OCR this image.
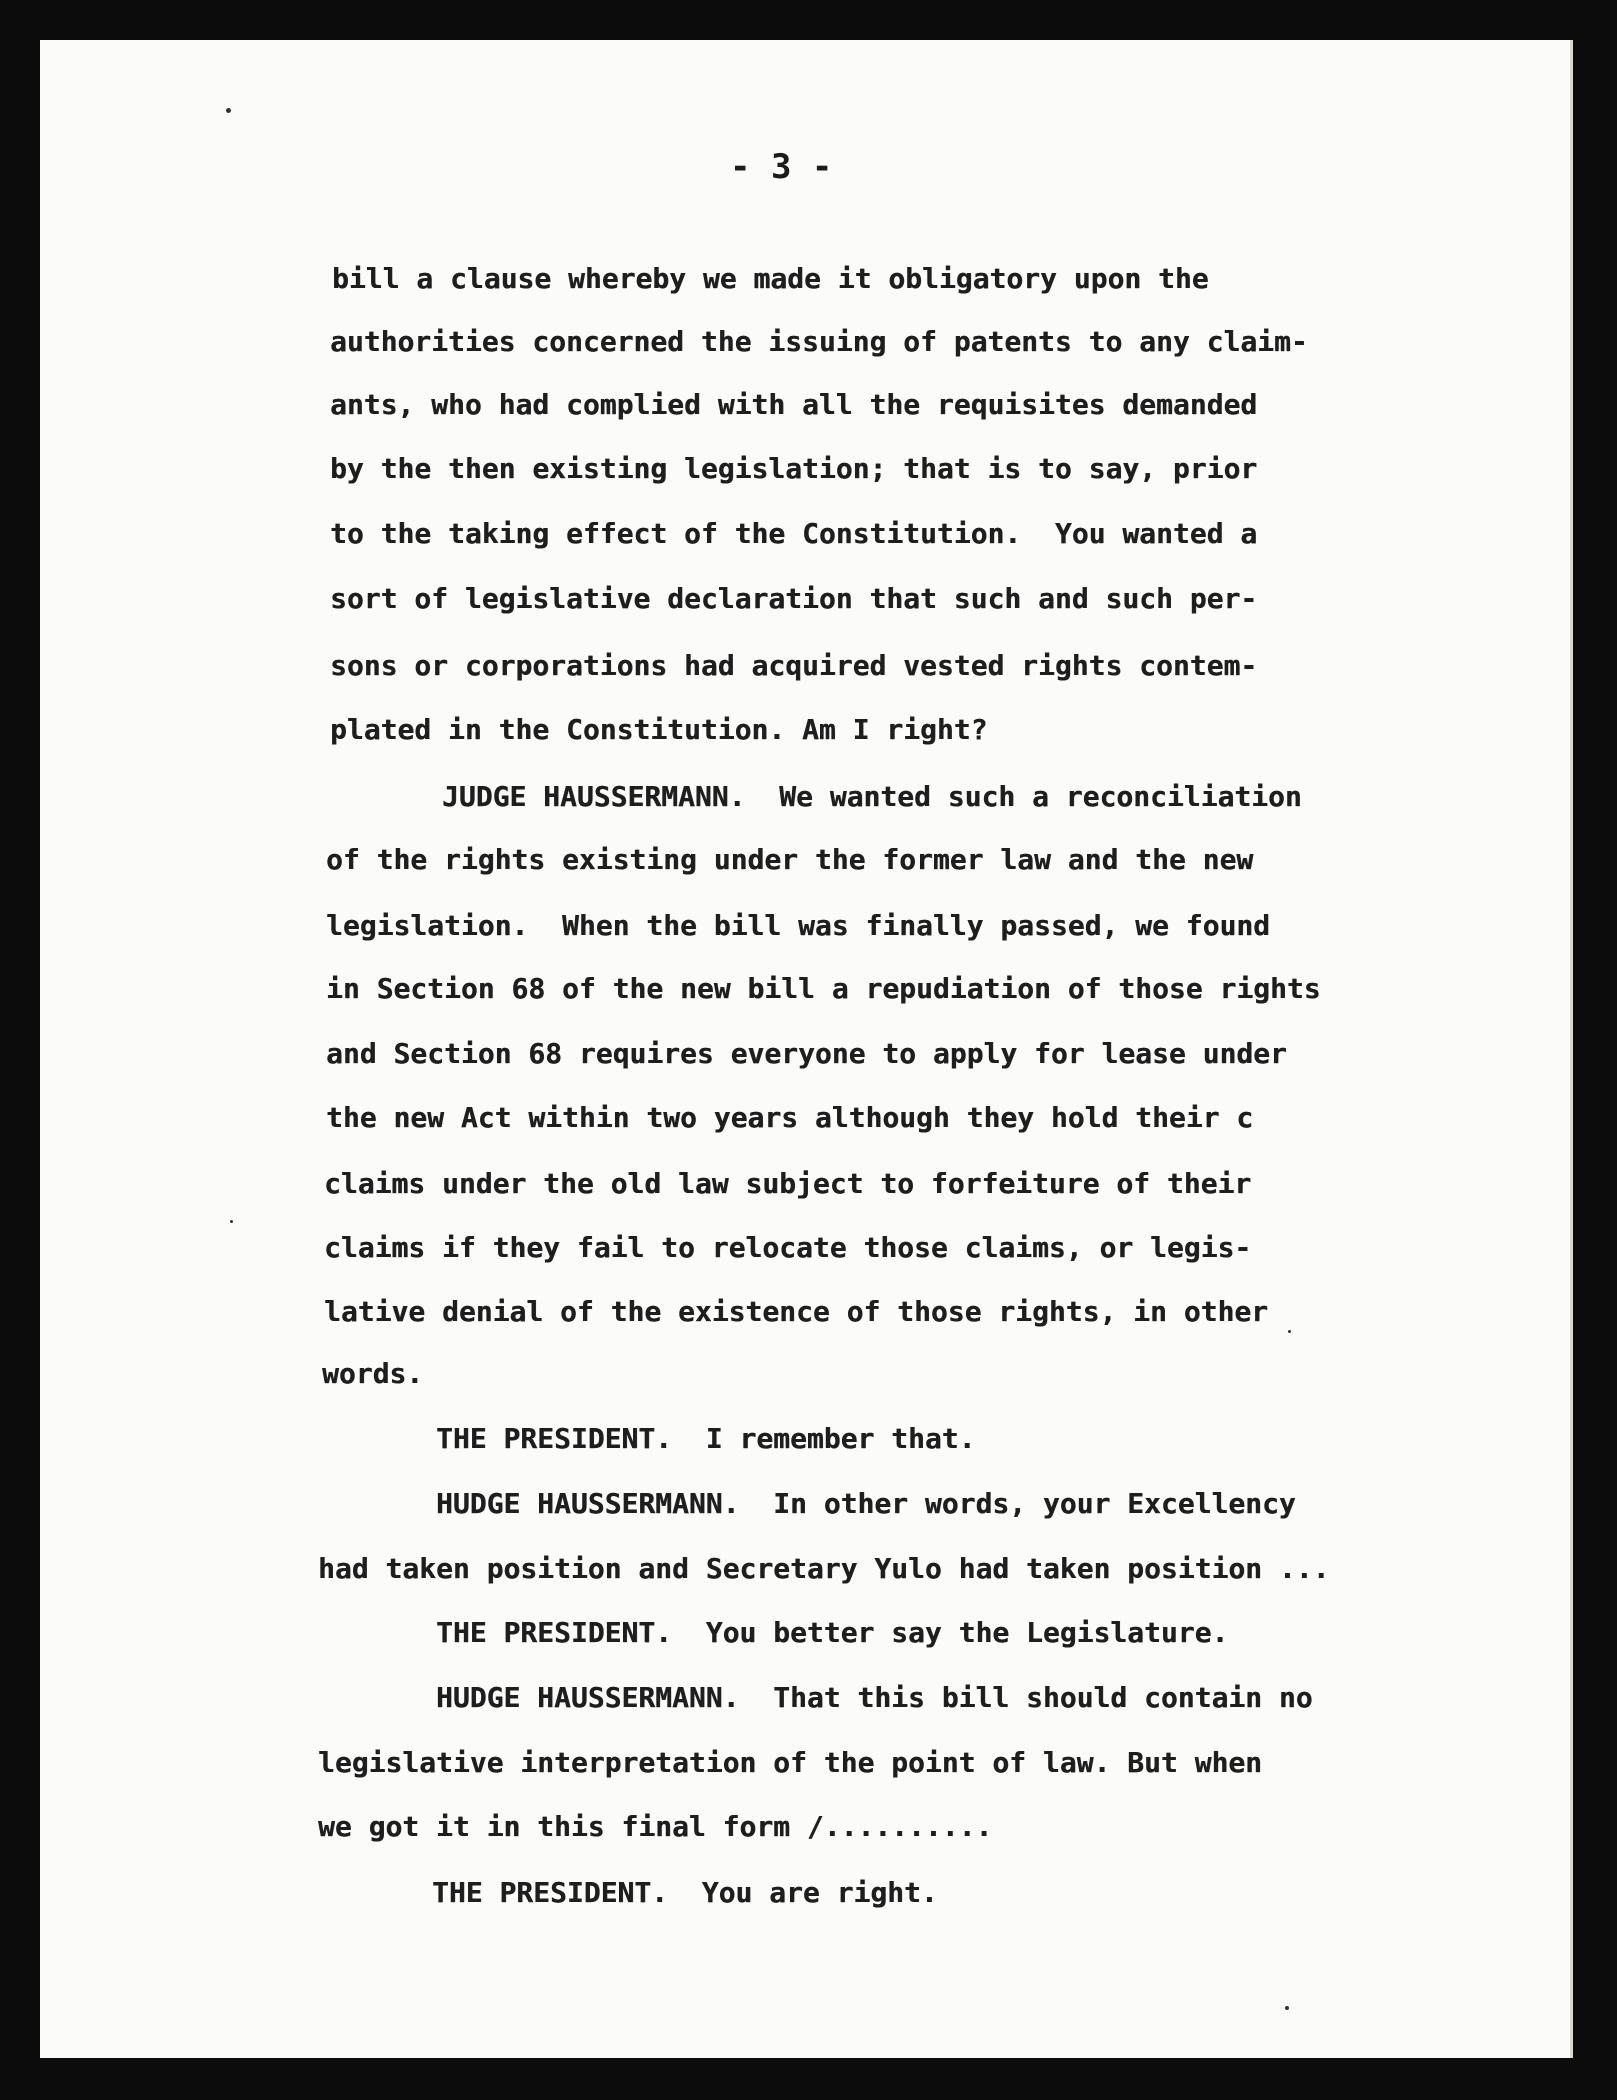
- 3 -
bill a clause whereby we made it obligatory upon the
authorities concerned the issuing of patents to any claim-
ants, who had complied with all the requisites demanded
by the then existing legislation; that is to say, prior
to the taking effect of the Constitution.  You wanted a
sort of legislative declaration that such and such per-
sons or corporations had acquired vested rights contem-
plated in the Constitution. Am I right?
JUDGE HAUSSERMANN.  We wanted such a reconciliation
of the rights existing under the former law and the new
legislation.  When the bill was finally passed, we found
in Section 68 of the new bill a repudiation of those rights
and Section 68 requires everyone to apply for lease under
the new Act within two years although they hold their c
claims under the old law subject to forfeiture of their
claims if they fail to relocate those claims, or legis-
lative denial of the existence of those rights, in other
words.
THE PRESIDENT.  I remember that.
HUDGE HAUSSERMANN.  In other words, your Excellency
had taken position and Secretary Yulo had taken position ...
THE PRESIDENT.  You better say the Legislature.
HUDGE HAUSSERMANN.  That this bill should contain no
legislative interpretation of the point of law. But when
we got it in this final form /..........
THE PRESIDENT.  You are right.
